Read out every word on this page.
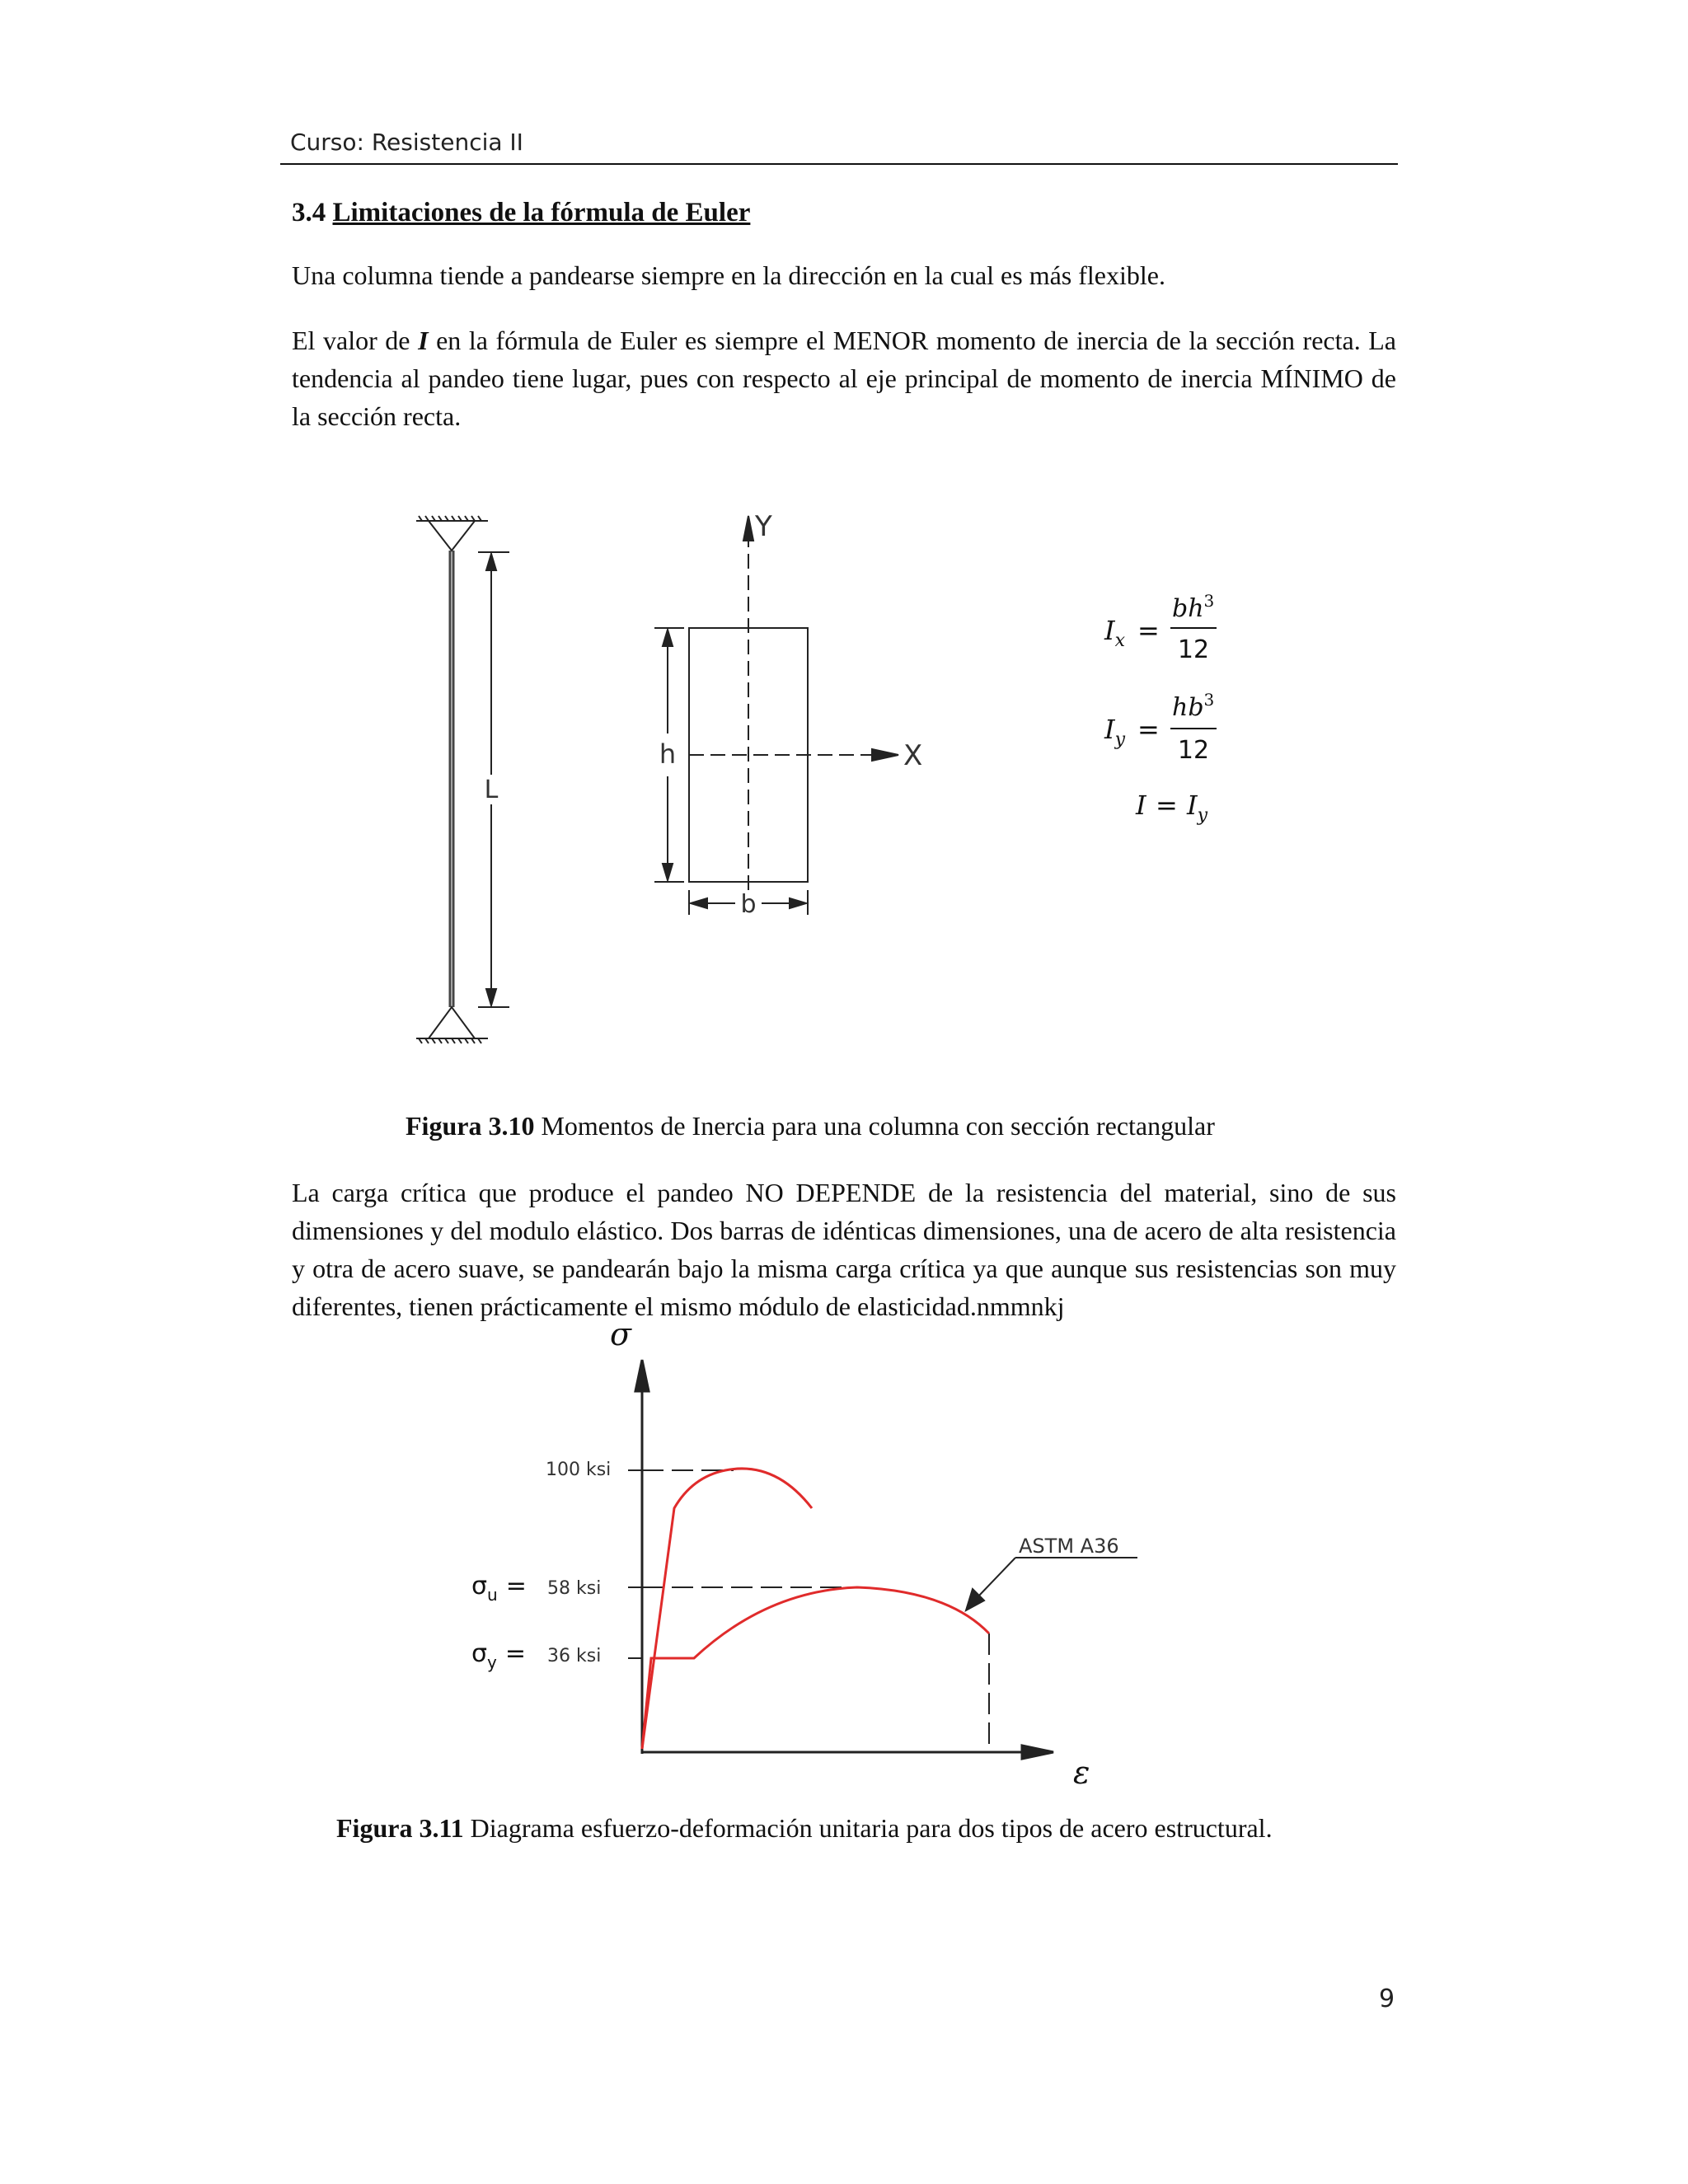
Curso: Resistencia II
3.4 Limitaciones de la fórmula de Euler

Una columna tiende a pandearse siempre en la dirección en la cual es más flexible.

El valor de I en la fórmula de Euler es siempre el MENOR momento de inercia de la sección recta. La tendencia al pandeo tiene lugar, pues con respecto al eje principal de momento de inercia MÍNIMO de la sección recta.

L
Y
X
h
b
$I_x$ =
$bh^3$
12
$I_y$ =
$hb^3$
12
$I = I_y$
Figura 3.10 Momentos de Inercia para una columna con sección rectangular

La carga crítica que produce el pandeo NO DEPENDE de la resistencia del material, sino de sus dimensiones y del modulo elástico. Dos barras de idénticas dimensiones, una de acero de alta resistencia y otra de acero suave, se pandearán bajo la misma carga crítica ya que aunque sus resistencias son muy diferentes, tienen prácticamente el mismo módulo de elasticidad.nmmnkj

σ
ε
100 ksi
58 ksi
36 ksi
$\sigma_u$ =
$\sigma_y$ =
ASTM A36
Figura 3.11 Diagrama esfuerzo-deformación unitaria para dos tipos de acero estructural.
9
